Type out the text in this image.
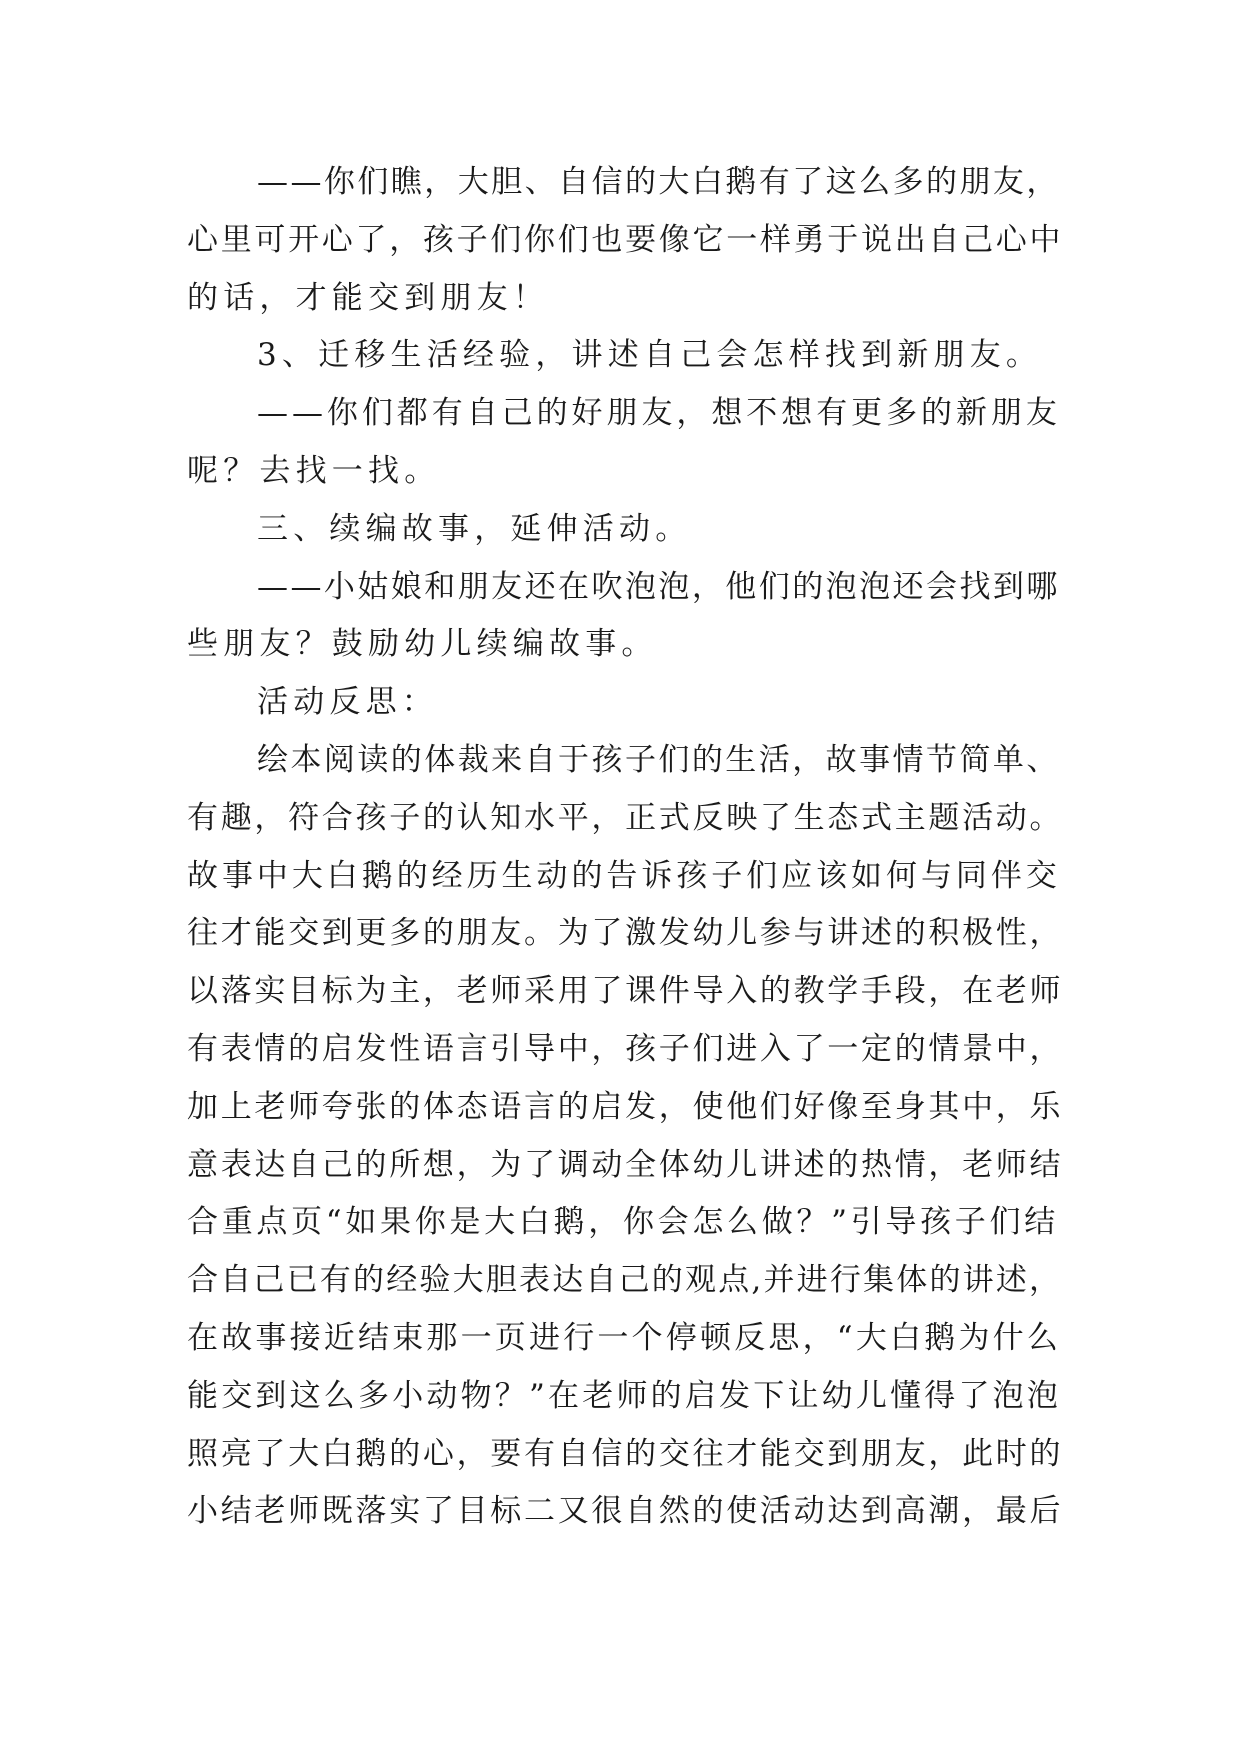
——你们瞧，大胆、自信的大白鹅有了这么多的朋友，

心里可开心了，孩子们你们也要像它一样勇于说出自己心中

的话，才能交到朋友！

3、迁移生活经验，讲述自己会怎样找到新朋友。

——你们都有自己的好朋友，想不想有更多的新朋友

呢？去找一找。

三、续编故事，延伸活动。

——小姑娘和朋友还在吹泡泡，他们的泡泡还会找到哪

些朋友？鼓励幼儿续编故事。

活动反思：

绘本阅读的体裁来自于孩子们的生活，故事情节简单、

有趣，符合孩子的认知水平，正式反映了生态式主题活动。

故事中大白鹅的经历生动的告诉孩子们应该如何与同伴交

往才能交到更多的朋友。为了激发幼儿参与讲述的积极性，

以落实目标为主，老师采用了课件导入的教学手段，在老师

有表情的启发性语言引导中，孩子们进入了一定的情景中，

加上老师夸张的体态语言的启发，使他们好像至身其中，乐

意表达自己的所想，为了调动全体幼儿讲述的热情，老师结

合重点页“如果你是大白鹅，你会怎么做？”引导孩子们结

合自己已有的经验大胆表达自己的观点,并进行集体的讲述，

在故事接近结束那一页进行一个停顿反思，“大白鹅为什么

能交到这么多小动物？”在老师的启发下让幼儿懂得了泡泡

照亮了大白鹅的心，要有自信的交往才能交到朋友，此时的

小结老师既落实了目标二又很自然的使活动达到高潮，最后
